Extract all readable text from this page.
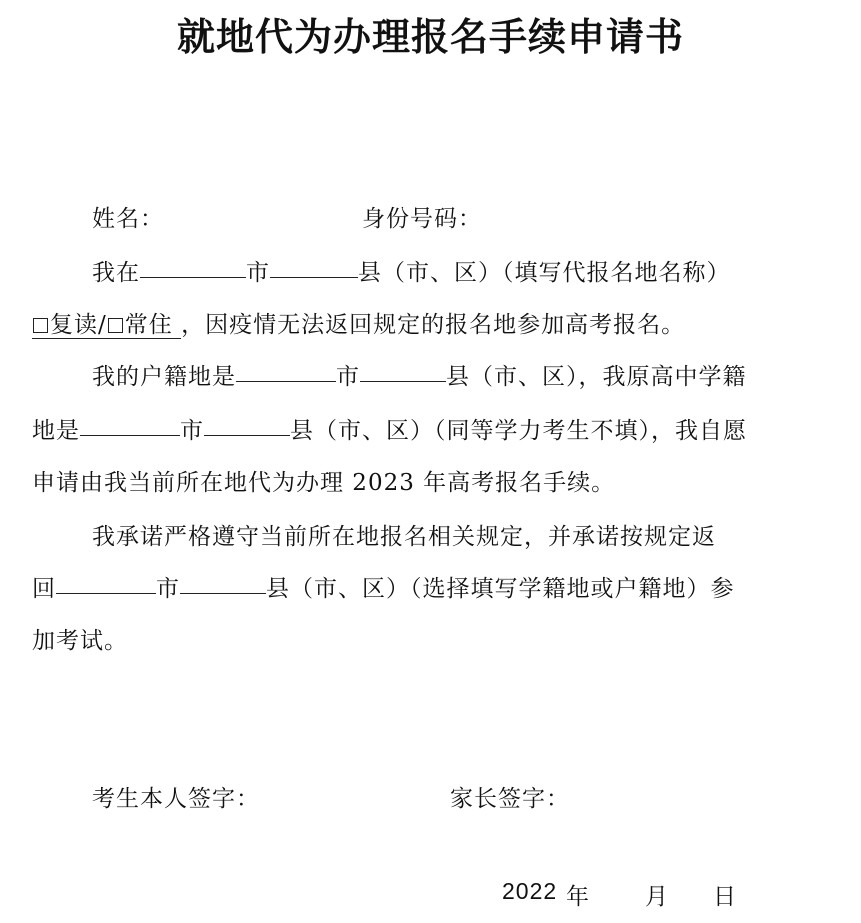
就地代为办理报名手续申请书
姓名：	身份号码：
我在	市	县（市、区）（填写代报名地名称）
复读/ 常住 ，因疫情无法返回规定的报名地参加高考报名。
我的户籍地是	市	县（市、区），我原高中学籍
地是	市	县（市、区）（同等学力考生不填），我自愿
申请由我当前所在地代为办理 2023 年高考报名手续。
我承诺严格遵守当前所在地报名相关规定，并承诺按规定返
回	市	县（市、区）（选择填写学籍地或户籍地）参
加考试。
考生本人签字：	家长签字：
2022 年 月 日
